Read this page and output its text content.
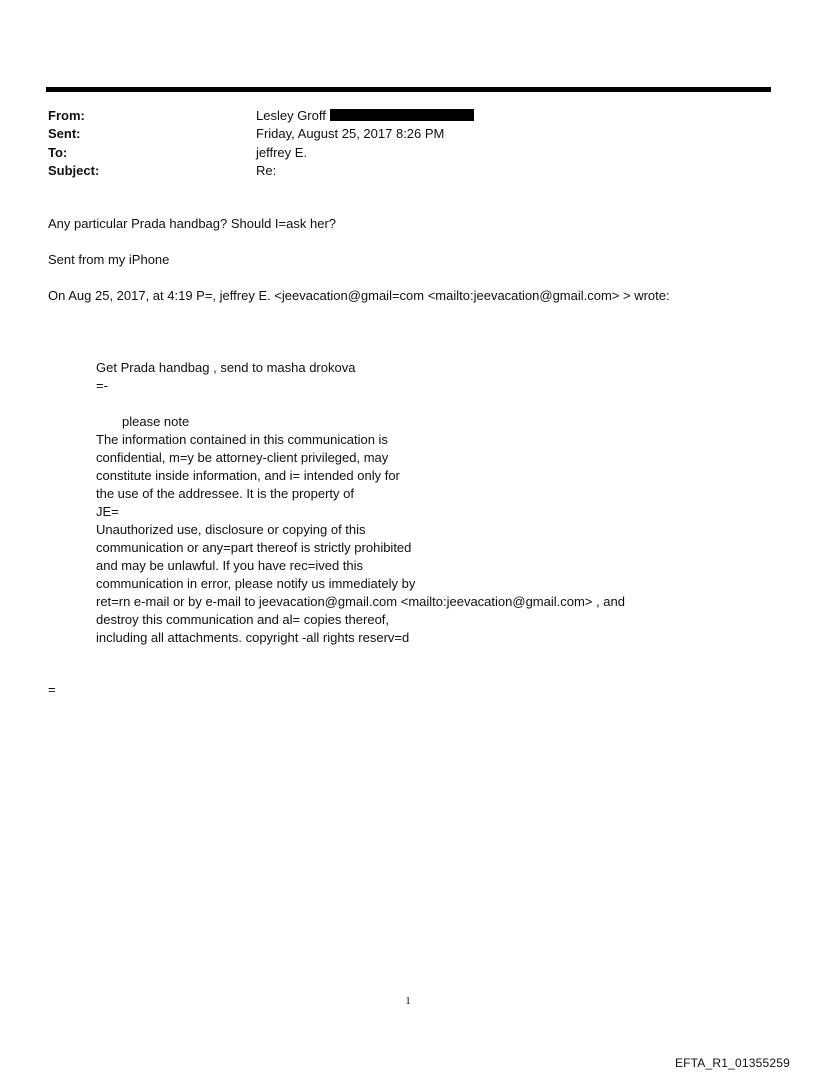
From:	Lesley Groff
Sent:	Friday, August 25, 2017 8:26 PM
To:	jeffrey E.
Subject:	Re:
Any particular Prada handbag? Should I=ask her?
Sent from my iPhone
On Aug 25, 2017, at 4:19 P=, jeffrey E. <jeevacation@gmail=com <mailto:jeevacation@gmail.com> > wrote:
Get Prada handbag , send to masha drokova
=-
please note
The information contained in this communication is
confidential, m=y be attorney-client privileged, may
constitute inside information, and i= intended only for
the use of the addressee. It is the property of
JE=
Unauthorized use, disclosure or copying of this
communication or any=part thereof is strictly prohibited
and may be unlawful. If you have rec=ived this
communication in error, please notify us immediately by
ret=rn e-mail or by e-mail to jeevacation@gmail.com <mailto:jeevacation@gmail.com> , and
destroy this communication and al= copies thereof,
including all attachments. copyright -all rights reserv=d
=
1
EFTA_R1_01355259
